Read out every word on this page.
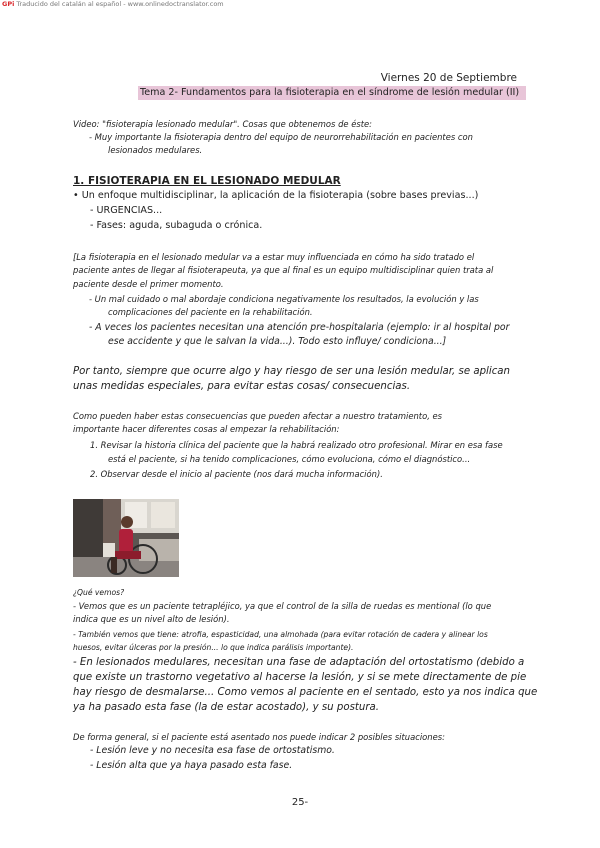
GPi Traducido del catalán al español - www.onlinedoctranslator.com
Viernes 20 de Septiembre
Tema 2- Fundamentos para la fisioterapia en el síndrome de lesión medular (II)
Video: "fisioterapia lesionado medular". Cosas que obtenemos de éste:
- Muy importante la fisioterapia dentro del equipo de neurorrehabilitación en pacientes con
lesionados medulares.
1. FISIOTERAPIA EN EL LESIONADO MEDULAR
• Un enfoque multidisciplinar, la aplicación de la fisioterapia (sobre bases previas...)
- URGENCIAS...
- Fases: aguda, subaguda o crónica.
[La fisioterapia en el lesionado medular va a estar muy influenciada en cómo ha sido tratado el
paciente antes de llegar al fisioterapeuta, ya que al final es un equipo multidisciplinar quien trata al
paciente desde el primer momento.
- Un mal cuidado o mal abordaje condiciona negativamente los resultados, la evolución y las
complicaciones del paciente en la rehabilitación.
- A veces los pacientes necesitan una atención pre-hospitalaria (ejemplo: ir al hospital por
ese accidente y que le salvan la vida...). Todo esto influye/ condiciona...]
Por tanto, siempre que ocurre algo y hay riesgo de ser una lesión medular, se aplican
unas medidas especiales, para evitar estas cosas/ consecuencias.
Como pueden haber estas consecuencias que pueden afectar a nuestro tratamiento, es
importante hacer diferentes cosas al empezar la rehabilitación:
1. Revisar la historia clínica del paciente que la habrá realizado otro profesional. Mirar en esa fase
está el paciente, si ha tenido complicaciones, cómo evoluciona, cómo el diagnóstico...
2. Observar desde el inicio al paciente (nos dará mucha información).
¿Qué vemos?
- Vemos que es un paciente tetrapléjico, ya que el control de la silla de ruedas es mentional (lo que
indica que es un nivel alto de lesión).
- También vemos que tiene: atrofia, espasticidad, una almohada (para evitar rotación de cadera y alinear los
huesos, evitar úlceras por la presión... lo que indica parálisis importante).
- En lesionados medulares, necesitan una fase de adaptación del ortostatismo (debido a
que existe un trastorno vegetativo al hacerse la lesión, y si se mete directamente de pie
hay riesgo de desmalarse... Como vemos al paciente en el sentado, esto ya nos indica que
ya ha pasado esta fase (la de estar acostado), y su postura.
De forma general, si el paciente está asentado nos puede indicar 2 posibles situaciones:
- Lesión leve y no necesita esa fase de ortostatismo.
- Lesión alta que ya haya pasado esta fase.
25-
